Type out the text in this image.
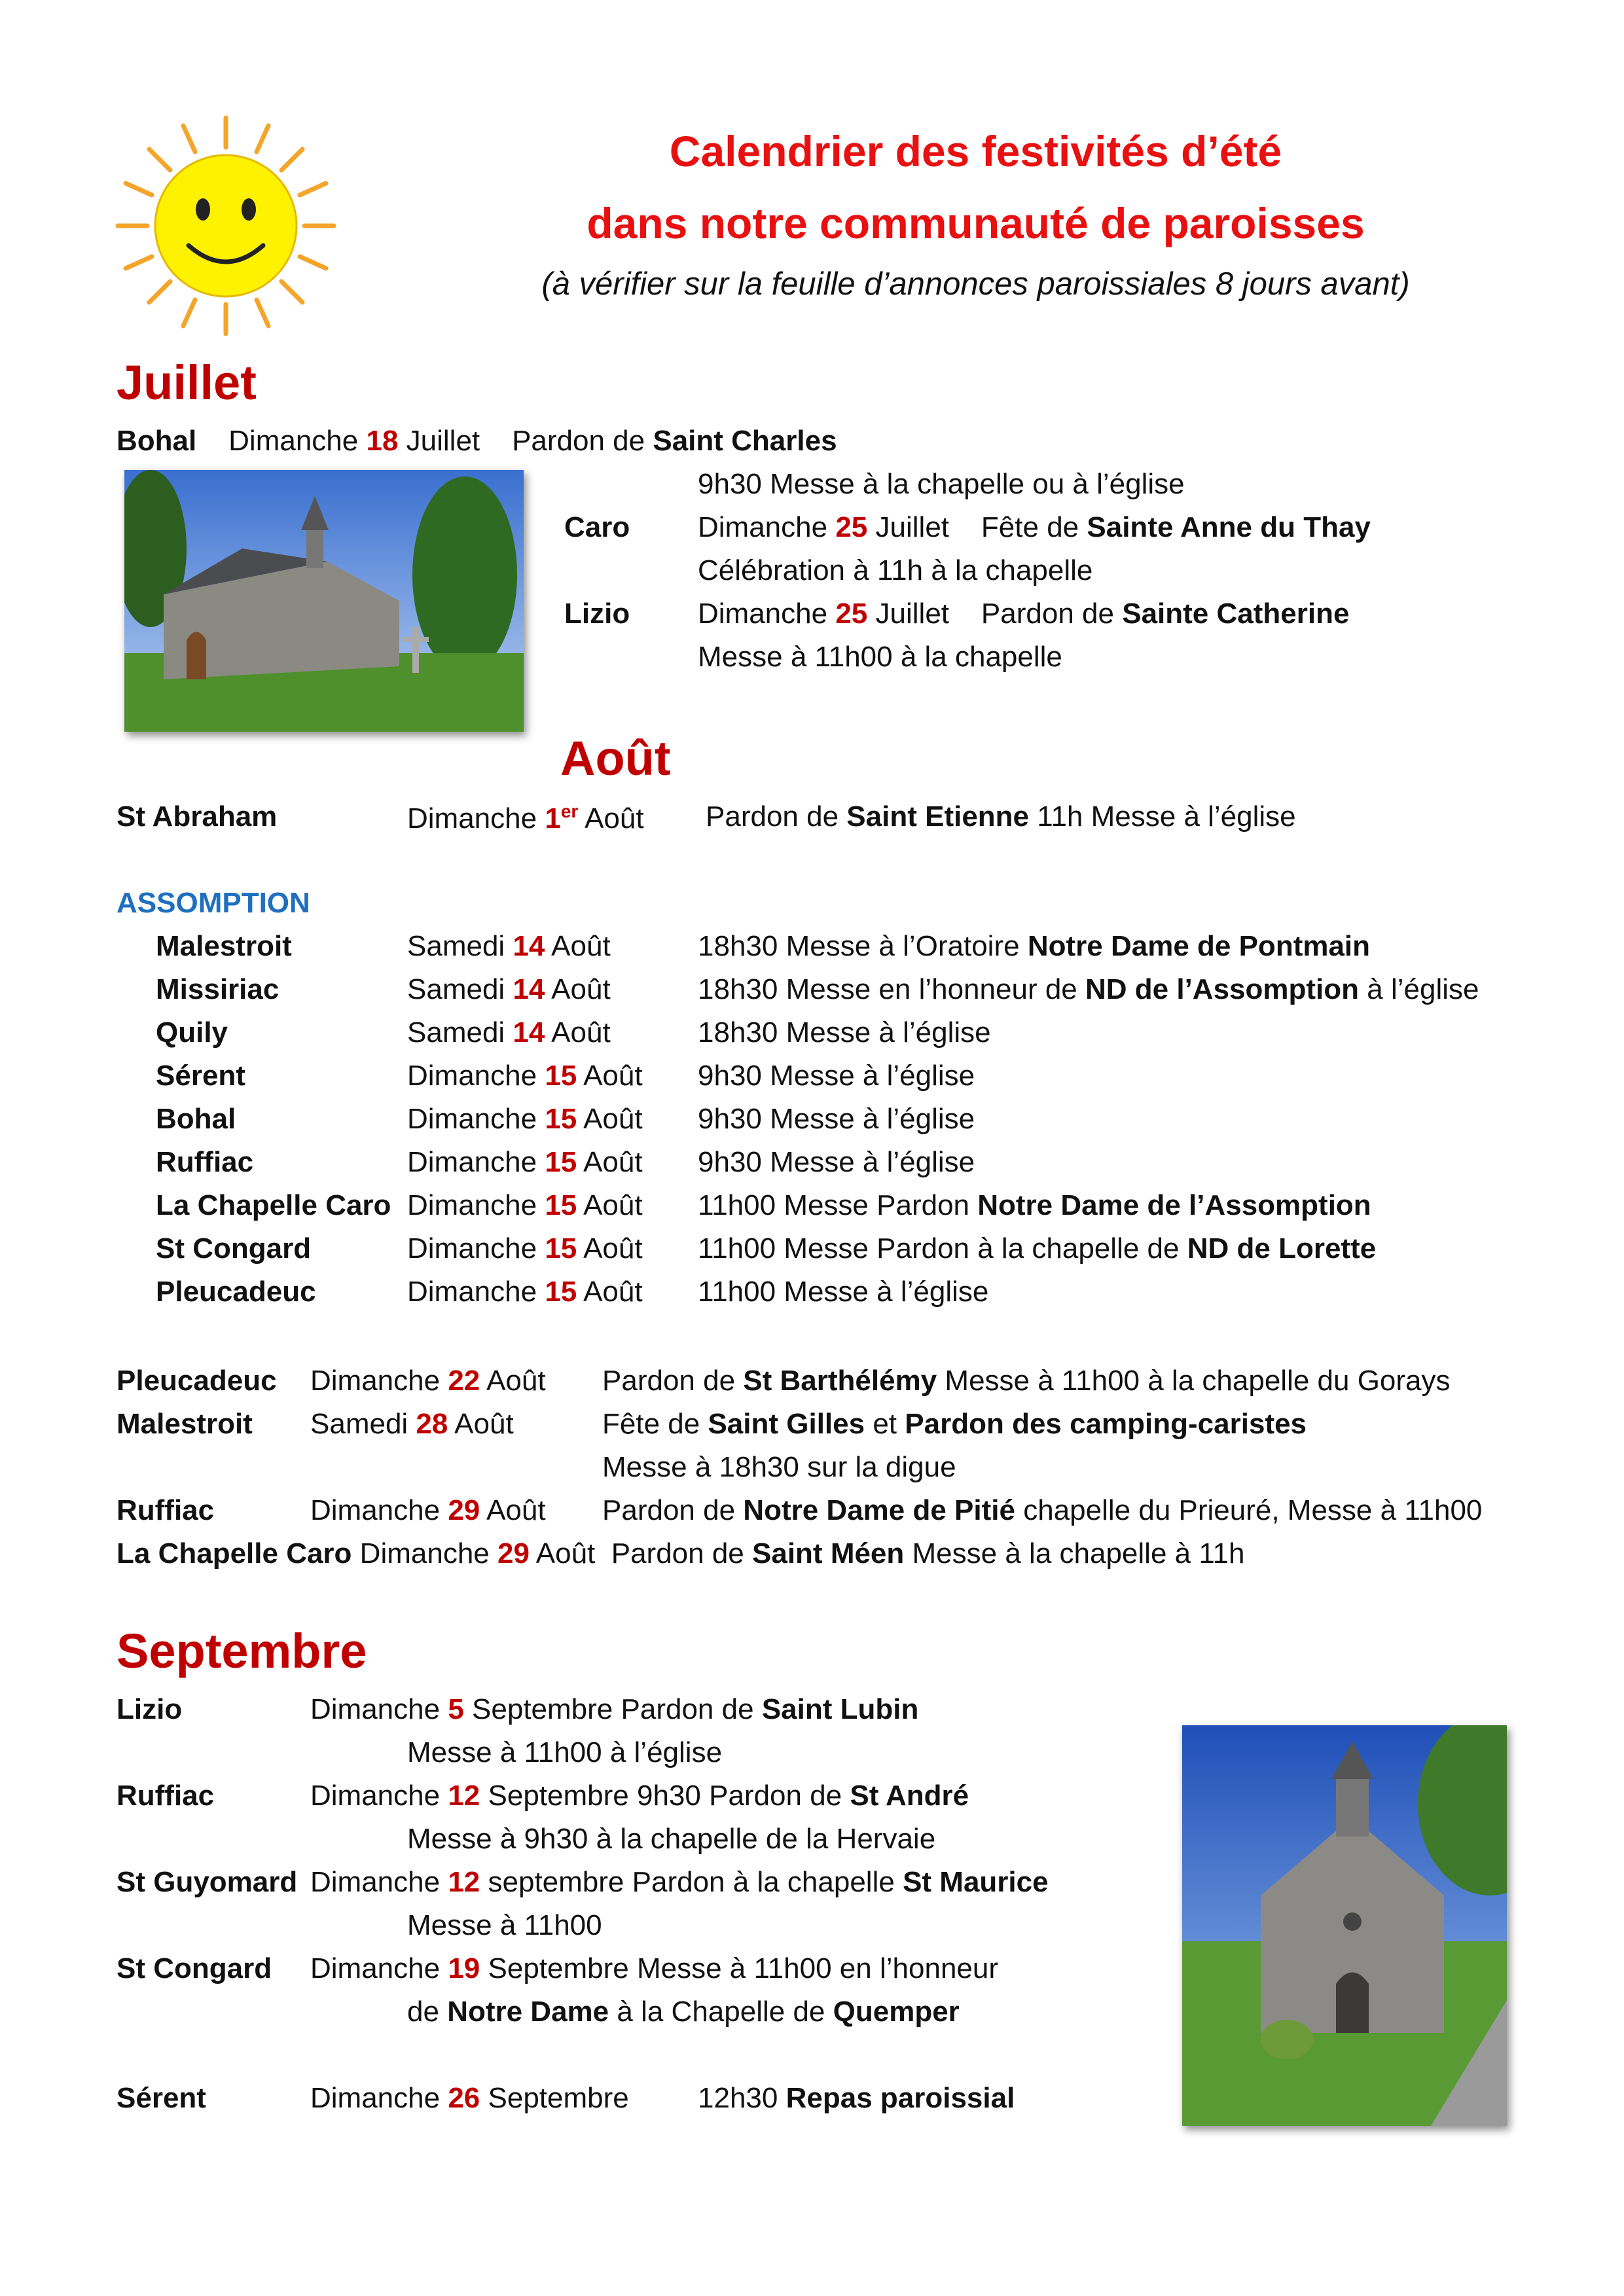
Calendrier des festivités d’été
dans notre communauté de paroisses
(à vérifier sur la feuille d’annonces paroissiales 8 jours avant)
Juillet
Bohal Dimanche 18 Juillet Pardon de Saint Charles
9h30 Messe à la chapelle ou à l’église
Caro Dimanche 25 Juillet Fête de Sainte Anne du Thay
Célébration à 11h à la chapelle
Lizio Dimanche 25 Juillet Pardon de Sainte Catherine
Messe à 11h00 à la chapelle
Août
St Abraham	Dimanche 1er Août Pardon de Saint Etienne 11h Messe à l’église
ASSOMPTION
Malestroit	Samedi 14 Août	18h30 Messe à l’Oratoire Notre Dame de Pontmain
Missiriac	Samedi 14 Août	18h30 Messe en l’honneur de ND de l’Assomption à l’église
Quily	Samedi 14 Août	18h30 Messe à l’église
Sérent	Dimanche 15 Août 9h30 Messe à l’église
Bohal	Dimanche 15 Août 9h30 Messe à l’église
Ruffiac	Dimanche 15 Août 9h30 Messe à l’église
La Chapelle Caro Dimanche 15 Août 11h00 Messe Pardon Notre Dame de l’Assomption
St Congard	Dimanche 15 Août 11h00 Messe Pardon à la chapelle de ND de Lorette
Pleucadeuc	Dimanche 15 Août 11h00 Messe à l’église
Pleucadeuc Dimanche 22 Août Pardon de St Barthélémy Messe à 11h00 à la chapelle du Gorays
Malestroit Samedi 28 Août	Fête de Saint Gilles et Pardon des camping-caristes
Messe à 18h30 sur la digue
Ruffiac	Dimanche 29 Août Pardon de Notre Dame de Pitié chapelle du Prieuré, Messe à 11h00
La Chapelle Caro Dimanche 29 Août Pardon de Saint Méen Messe à la chapelle à 11h
Septembre
Lizio	Dimanche 5 Septembre Pardon de Saint Lubin
Messe à 11h00 à l’église
Ruffiac	Dimanche 12 Septembre 9h30 Pardon de St André
Messe à 9h30 à la chapelle de la Hervaie
St Guyomard Dimanche 12 septembre Pardon à la chapelle St Maurice
Messe à 11h00
St Congard Dimanche 19 Septembre Messe à 11h00 en l’honneur
de Notre Dame à la Chapelle de Quemper
Sérent	Dimanche 26 Septembre 12h30 Repas paroissial
